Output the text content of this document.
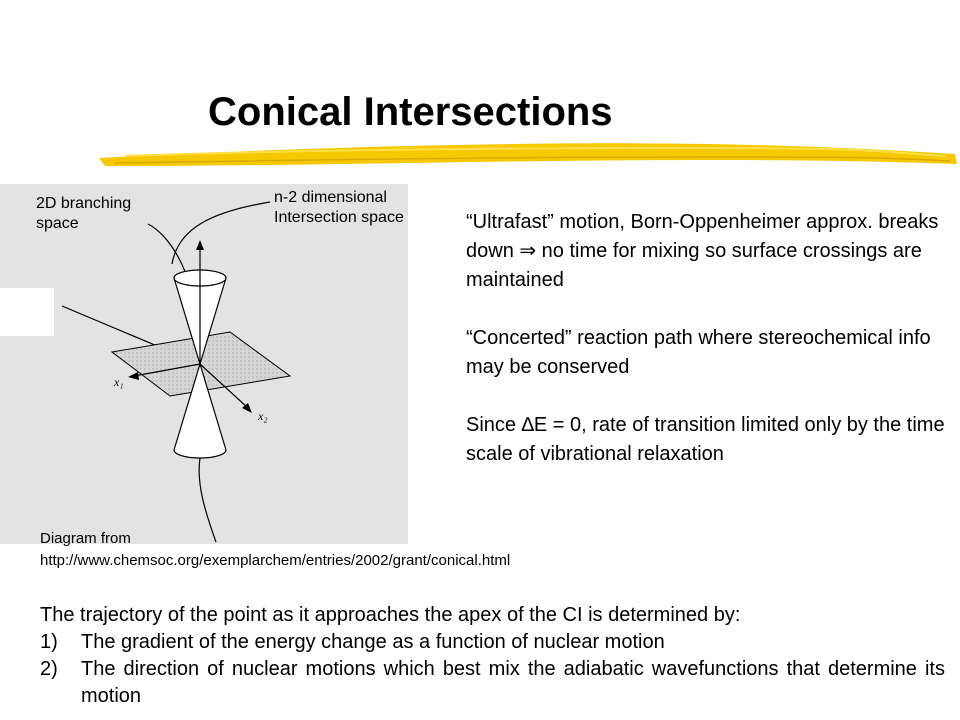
Conical Intersections
x₁
x₂
2D branching space
n-2 dimensional
Intersection space	“Ultrafast” motion, Born-Oppenheimer approx. breaks down ⇒ no time for mixing so surface crossings are maintained

“Concerted” reaction path where stereochemical info may be conserved

Since ∆E = 0, rate of transition limited only by the time scale of vibrational relaxation

Diagram from
http://www.chemsoc.org/exemplarchem/entries/2002/grant/conical.html

The trajectory of the point as it approaches the apex of the CI is determined by:

1) The gradient of the energy change as a function of nuclear motion
2) The direction of nuclear motions which best mix the adiabatic wavefunctions that determine its motion
